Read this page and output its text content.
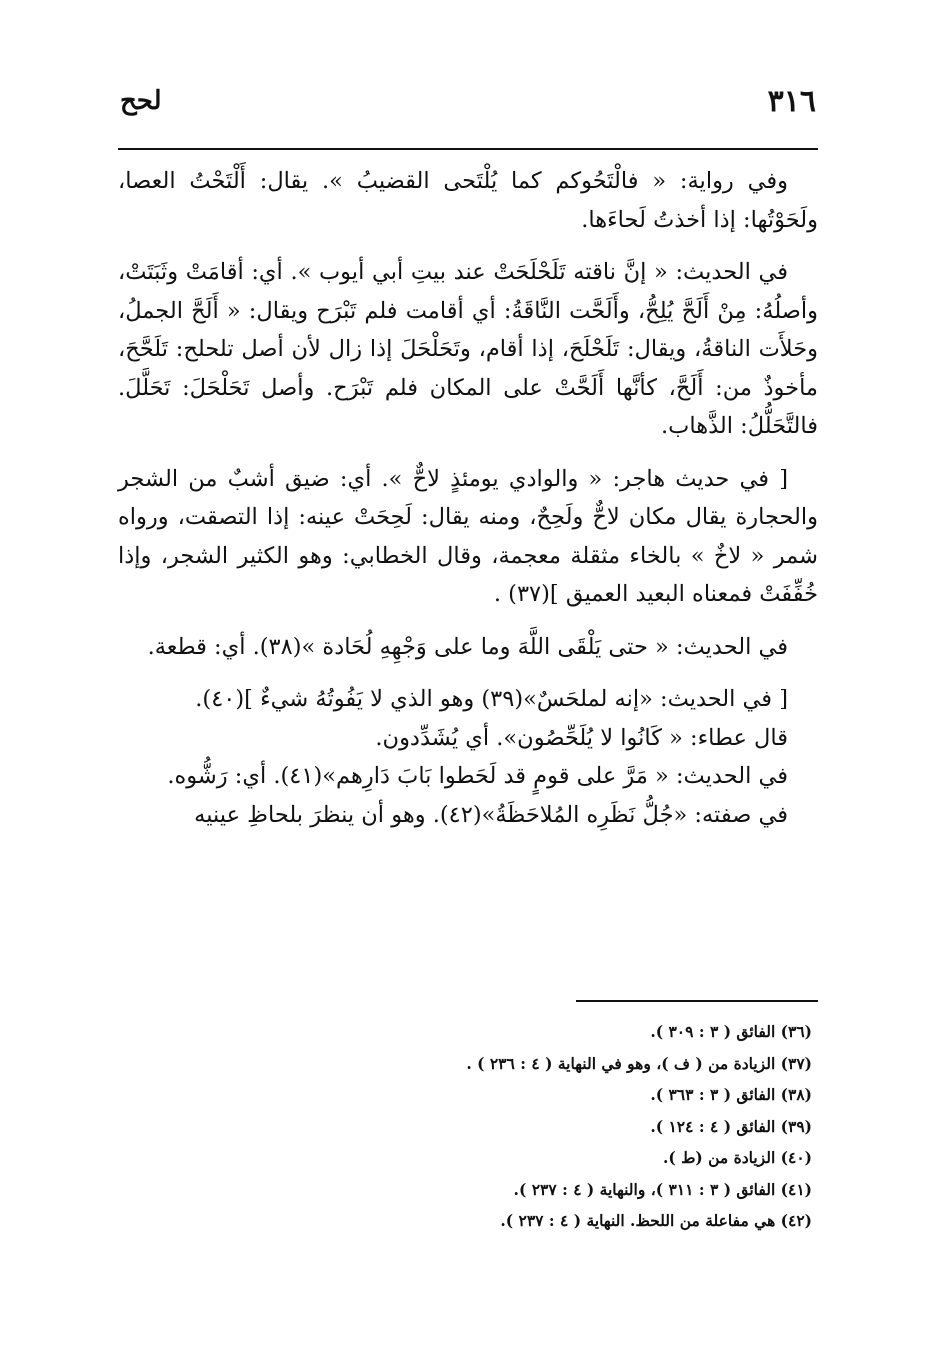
٣١٦
لحح

وفي رواية: « فالْتَحُوكم كما يُلْتَحى القضيبُ ». يقال: أَلْتَحْتُ العصا، ولَحَوْتُها: إذا أخذتُ لَحاءَها.

في الحديث: « إنَّ ناقته تَلَحْلَحَتْ عند بيتِ أبي أيوب ». أي: أقامَتْ وثَبَتَتْ، وأصلُهُ: مِنْ أَلَحَّ يُلِحُّ، وأَلَحَّت النَّاقَةُ: أي أقامت فلم تَبْرَح ويقال: « أَلَحَّ الجملُ، وحَلأَت الناقةُ، ويقال: تَلَحْلَحَ، إذا أقام، وتَحَلْحَلَ إذا زال لأن أصل تلحلح: تَلَحَّحَ، مأخوذٌ من: أَلَحَّ، كأنَّها أَلَحَّتْ على المكان فلم تَبْرَح. وأصل تَحَلْحَلَ: تَحَلَّلَ. فالتَّحَلُّلُ: الذَّهاب.

[ في حديث هاجر: « والوادي يومئذٍ لاحٌّ ». أي: ضيق أشبٌ من الشجر والحجارة يقال مكان لاحٌّ ولَحِحٌ، ومنه يقال: لَحِحَتْ عينه: إذا التصقت، ورواه شمر « لاخٌ » بالخاء مثقلة معجمة، وقال الخطابي: وهو الكثير الشجر، وإذا خُفِّفَتْ فمعناه البعيد العميق ](٣٧) .

في الحديث: « حتى يَلْقَى اللَّهَ وما على وَجْهِهِ لُحَادة »(٣٨). أي: قطعة.

[ في الحديث: «إنه لملحَسٌ»(٣٩) وهو الذي لا يَفُوتُهُ شيءٌ ](٤٠).

قال عطاء: « كَانُوا لا يُلَحِّصُون». أي يُشَدِّدون.

في الحديث: « مَرَّ على قومٍ قد لَحَطوا بَابَ دَارِهم»(٤١). أي: رَشُّوه.

في صفته: «جُلُّ نَظَرِه المُلاحَظَةُ»(٤٢). وهو أن ينظرَ بلحاظِ عينيه

(٣٦) الفائق ( ٣ : ٣٠٩ ).

(٣٧) الزيادة من ( ف )، وهو في النهاية ( ٤ : ٢٣٦ ) .

(٣٨) الفائق ( ٣ : ٣٦٣ ).

(٣٩) الفائق ( ٤ : ١٢٤ ).

(٤٠) الزيادة من (ط ).

(٤١) الفائق ( ٣ : ٣١١ )، والنهاية ( ٤ : ٢٣٧ ).

(٤٢) هي مفاعلة من اللحظ. النهاية ( ٤ : ٢٣٧ ).
